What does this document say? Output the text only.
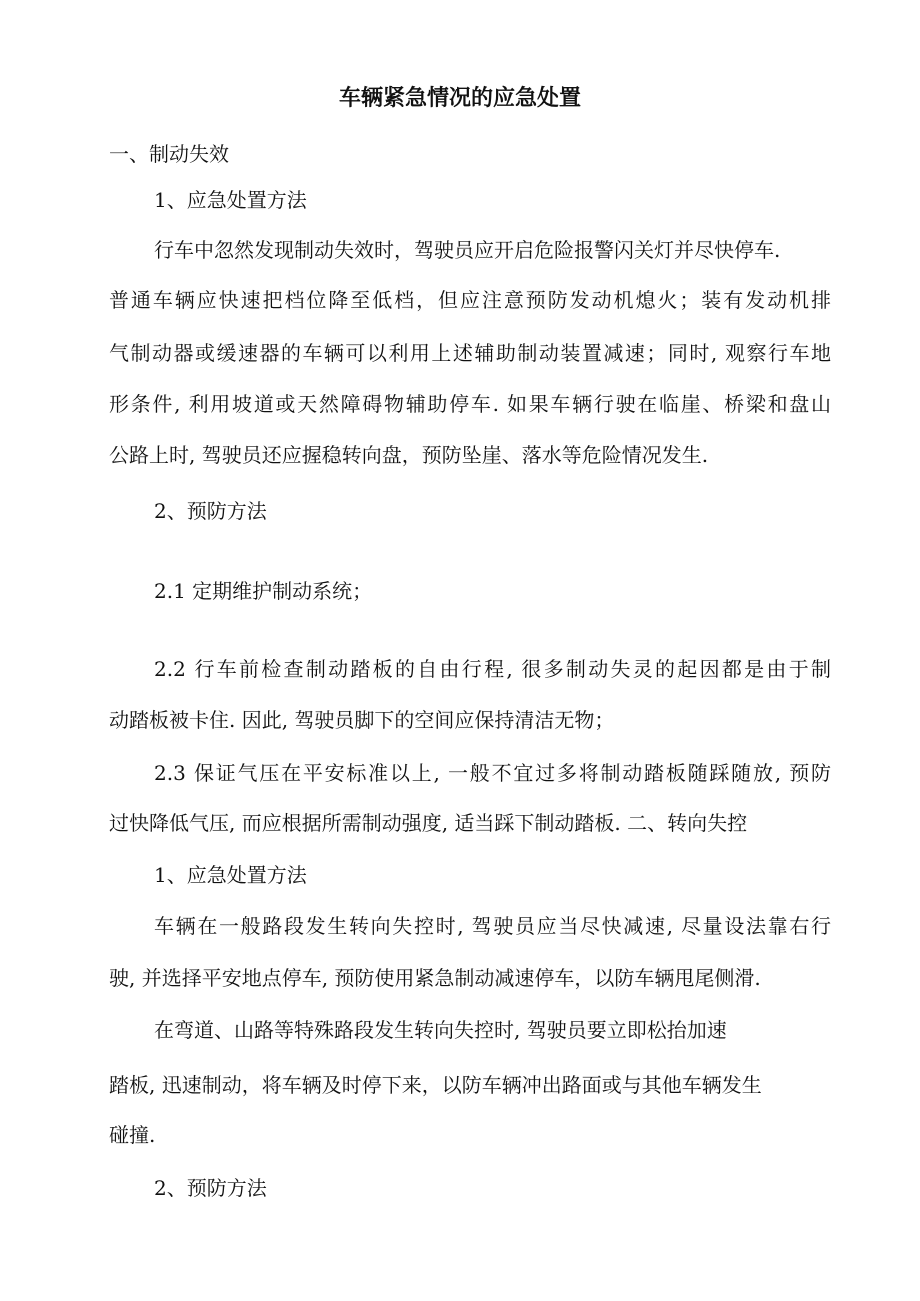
车辆紧急情况的应急处置
一、制动失效
1、应急处置方法
行车中忽然发现制动失效时，驾驶员应开启危险报警闪关灯并尽快停车.
普通车辆应快速把档位降至低档，但应注意预防发动机熄火；装有发动机排
气制动器或缓速器的车辆可以利用上述辅助制动装置减速；同时, 观察行车地
形条件, 利用坡道或天然障碍物辅助停车. 如果车辆行驶在临崖、桥梁和盘山
公路上时, 驾驶员还应握稳转向盘，预防坠崖、落水等危险情况发生.
2、预防方法
2.1 定期维护制动系统；
2.2 行车前检查制动踏板的自由行程, 很多制动失灵的起因都是由于制
动踏板被卡住. 因此, 驾驶员脚下的空间应保持清洁无物；
2.3 保证气压在平安标准以上, 一般不宜过多将制动踏板随踩随放, 预防
过快降低气压, 而应根据所需制动强度, 适当踩下制动踏板. 二、转向失控
1、应急处置方法
车辆在一般路段发生转向失控时, 驾驶员应当尽快减速, 尽量设法靠右行
驶, 并选择平安地点停车, 预防使用紧急制动减速停车，以防车辆甩尾侧滑.
在弯道、山路等特殊路段发生转向失控时, 驾驶员要立即松抬加速
踏板, 迅速制动，将车辆及时停下来，以防车辆冲出路面或与其他车辆发生
碰撞.
2、预防方法
